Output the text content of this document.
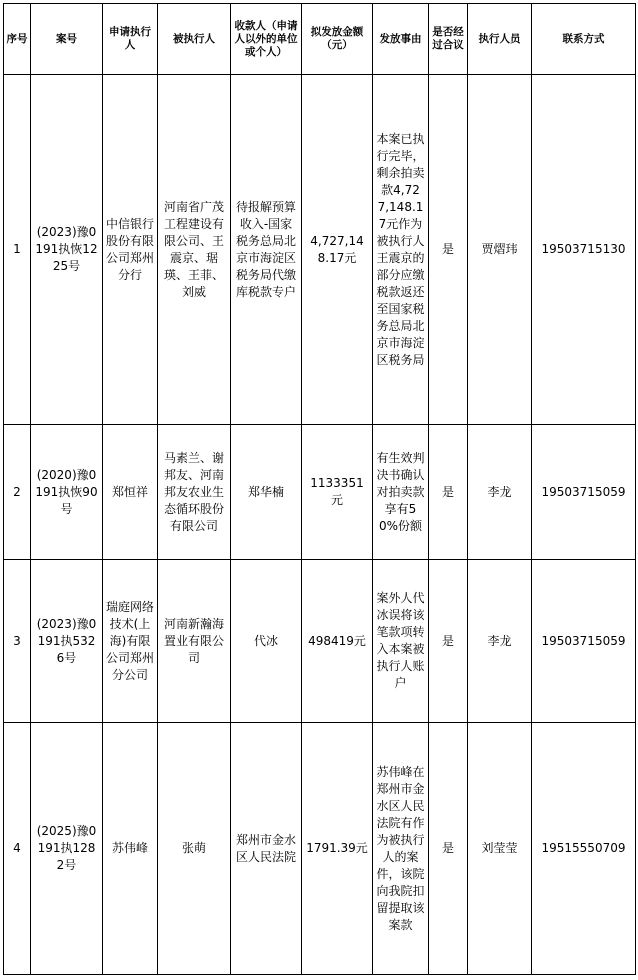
序号	案号	申请执行人	被执行人	收款人（申请人以外的单位或个人）	拟发放金额（元）	发放事由	是否经过合议	执行人员	联系方式
1	(2023)豫0191执恢1225号	中信银行股份有限公司郑州分行	河南省广茂工程建设有限公司、王震京、琚瑛、王菲、刘威	待报解预算收入-国家税务总局北京市海淀区税务局代缴库税款专户	4,727,148.17元	本案已执行完毕，剩余拍卖款4,727,148.17元作为被执行人王震京的部分应缴税款返还至国家税务总局北京市海淀区税务局	是	贾熠玮	19503715130
2	(2020)豫0191执恢90号	郑恒祥	马素兰、谢邦友、河南邦友农业生态循环股份有限公司	郑华楠	1133351元	有生效判决书确认对拍卖款享有50%份额	是	李龙	19503715059
3	(2023)豫0191执5326号	瑞庭网络技术(上海)有限公司郑州分公司	河南新瀚海置业有限公司	代冰	498419元	案外人代冰误将该笔款项转入本案被执行人账户	是	李龙	19503715059
4	(2025)豫0191执1282号	苏伟峰	张萌	郑州市金水区人民法院	1791.39元	苏伟峰在郑州市金水区人民法院有作为被执行人的案件，该院向我院扣留提取该案款	是	刘莹莹	19515550709
